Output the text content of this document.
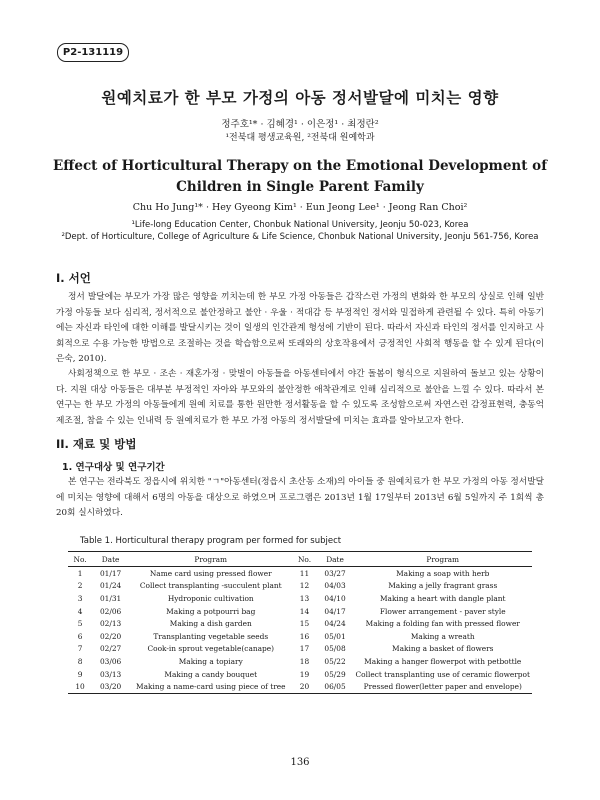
P2-131119
원예치료가 한 부모 가정의 아동 정서발달에 미치는 영향
정주호¹* · 김혜경¹ · 이은정¹ · 최정란²
¹전북대 평생교육원, ²전북대 원예학과
Effect of Horticultural Therapy on the Emotional Development of
Children in Single Parent Family
Chu Ho Jung¹* · Hey Gyeong Kim¹ · Eun Jeong Lee¹ · Jeong Ran Choi²
¹Life-long Education Center, Chonbuk National University, Jeonju 50-023, Korea
²Dept. of Horticulture, College of Agriculture & Life Science, Chonbuk National University, Jeonju 561-756, Korea
I. 서언

정서 발달에는 부모가 가장 많은 영향을 끼치는데 한 부모 가정 아동들은 갑작스런 가정의 변화와 한 부모의 상실로 인해 일반 가정 아동들 보다 심리적, 정서적으로 불안정하고 불안 · 우울 · 적대감 등 부정적인 정서와 밀접하게 관련될 수 있다. 특히 아동기에는 자신과 타인에 대한 이해를 발달시키는 것이 일생의 인간관계 형성에 기반이 된다. 따라서 자신과 타인의 정서를 인지하고 사회적으로 수용 가능한 방법으로 조절하는 것을 학습함으로써 또래와의 상호작용에서 긍정적인 사회적 행동을 할 수 있게 된다(이은숙, 2010).

사회정책으로 한 부모 · 조손 · 재혼가정 · 맞벌이 아동들을 아동센터에서 야간 돌봄이 형식으로 지원하여 돌보고 있는 상황이다. 지원 대상 아동들은 대부분 부정적인 자아와 부모와의 불안정한 애착관계로 인해 심리적으로 불안을 느낄 수 있다. 따라서 본 연구는 한 부모 가정의 아동들에게 원예 치료를 통한 원만한 정서활동을 할 수 있도록 조성함으로써 자연스런 감정표현력, 충동억제조절, 참을 수 있는 인내력 등 원예치료가 한 부모 가정 아동의 정서발달에 미치는 효과를 알아보고자 한다.

II. 재료 및 방법
1. 연구대상 및 연구기간

본 연구는 전라북도 정읍시에 위치한 "ㄱ"아동센터(정읍시 초산동 소재)의 아이들 중 원예치료가 한 부모 가정의 아동 정서발달에 미치는 영향에 대해서 6명의 아동을 대상으로 하였으며 프로그램은 2013년 1월 17일부터 2013년 6월 5일까지 주 1회씩 총 20회 실시하였다.

Table 1. Horticultural therapy program per formed for subject
No.	Date	Program	No.	Date	Program
1	01/17	Name card using pressed flower	11	03/27	Making a soap with herb
2	01/24	Collect transplanting -succulent plant	12	04/03	Making a jelly fragrant grass
3	01/31	Hydroponic cultivation	13	04/10	Making a heart with dangle plant
4	02/06	Making a potpourri bag	14	04/17	Flower arrangement - paver style
5	02/13	Making a dish garden	15	04/24	Making a folding fan with pressed flower
6	02/20	Transplanting vegetable seeds	16	05/01	Making a wreath
7	02/27	Cook-in sprout vegetable(canape)	17	05/08	Making a basket of flowers
8	03/06	Making a topiary	18	05/22	Making a hanger flowerpot with petbottle
9	03/13	Making a candy bouquet	19	05/29	Collect transplanting use of ceramic flowerpot
10	03/20	Making a name-card using piece of tree	20	06/05	Pressed flower(letter paper and envelope)
136
